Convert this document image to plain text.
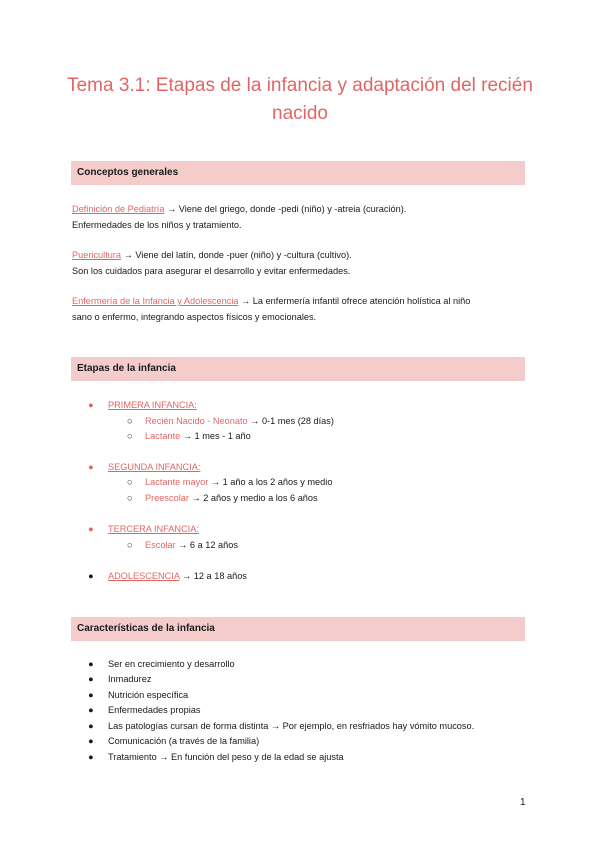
Tema 3.1: Etapas de la infancia y adaptación del recién
nacido
Conceptos generales
Definición de Pediatría → Viene del griego, donde -pedi (niño) y -atreia (curación).
Enfermedades de los niños y tratamiento.
Puericultura → Viene del latín, donde -puer (niño) y -cultura (cultivo).
Son los cuidados para asegurar el desarrollo y evitar enfermedades.
Enfermería de la Infancia y Adolescencia → La enfermería infantil ofrece atención holística al niño
sano o enfermo, integrando aspectos físicos y emocionales.
Etapas de la infancia
● PRIMERA INFANCIA:
○ Recién Nacido - Neonato → 0-1 mes (28 días)
○ Lactante → 1 mes - 1 año
● SEGUNDA INFANCIA:
○ Lactante mayor → 1 año a los 2 años y medio
○ Preescolar → 2 años y medio a los 6 años
● TERCERA INFANCIA:
○ Escolar → 6 a 12 años
● ADOLESCENCIA → 12 a 18 años
Características de la infancia
● Ser en crecimiento y desarrollo
● Inmadurez
● Nutrición específica
● Enfermedades propias
● Las patologías cursan de forma distinta → Por ejemplo, en resfriados hay vómito mucoso.
● Comunicación (a través de la familia)
● Tratamiento → En función del peso y de la edad se ajusta
1
